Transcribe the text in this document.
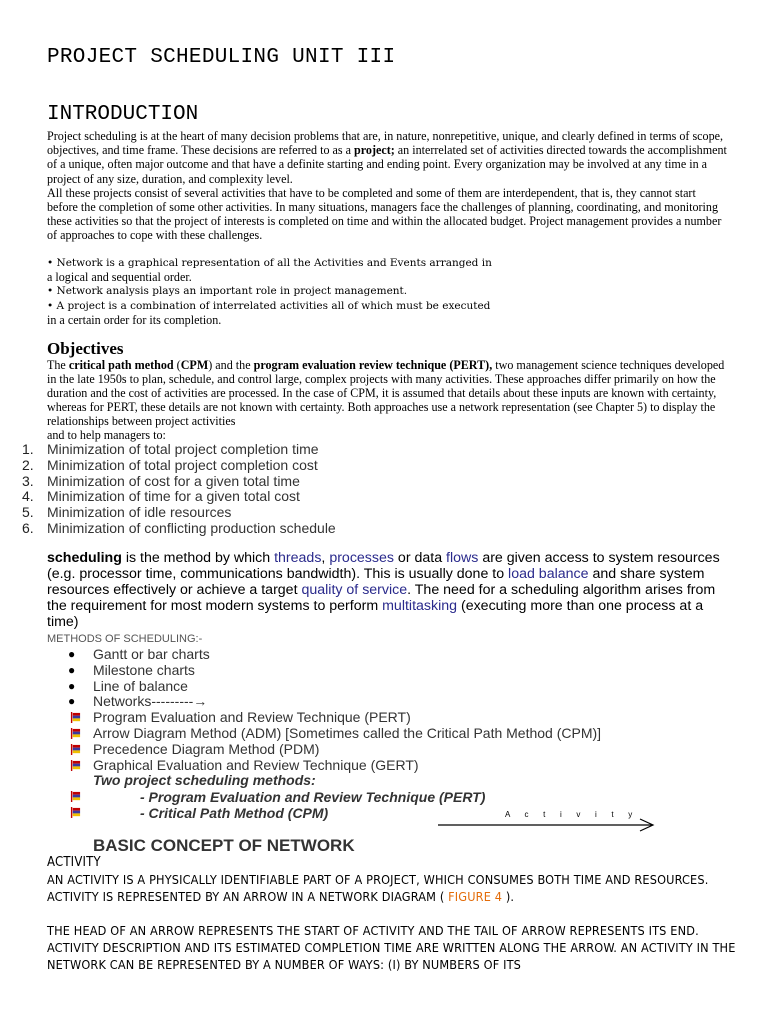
PROJECT SCHEDULING UNIT III
INTRODUCTION

Project scheduling is at the heart of many decision problems that are, in nature, nonrepetitive, unique, and clearly defined in terms of scope, objectives, and time frame. These decisions are referred to as a project; an interrelated set of activities directed towards the accomplishment of a unique, often major outcome and that have a definite starting and ending point. Every organization may be involved at any time in a project of any size, duration, and complexity level.

All these projects consist of several activities that have to be completed and some of them are interdependent, that is, they cannot start before the completion of some other activities. In many situations, managers face the challenges of planning, coordinating, and monitoring these activities so that the project of interests is completed on time and within the allocated budget. Project management provides a number of approaches to cope with these challenges.

• Network is a graphical representation of all the Activities and Events arranged in

a logical and sequential order.

• Network analysis plays an important role in project management.

• A project is a combination of interrelated activities all of which must be executed

in a certain order for its completion.

Objectives

The critical path method (CPM) and the program evaluation review technique (PERT), two management science techniques developed in the late 1950s to plan, schedule, and control large, complex projects with many activities. These approaches differ primarily on how the duration and the cost of activities are processed. In the case of CPM, it is assumed that details about these inputs are known with certainty, whereas for PERT, these details are not known with certainty. Both approaches use a network representation (see Chapter 5) to display the relationships between project activities

and to help managers to:

1. Minimization of total project completion time
2. Minimization of total project completion cost
3. Minimization of cost for a given total time
4. Minimization of time for a given total cost
5. Minimization of idle resources
6. Minimization of conflicting production schedule
scheduling is the method by which threads, processes or data flows are given access to system resources (e.g. processor time, communications bandwidth). This is usually done to load balance and share system resources effectively or achieve a target quality of service. The need for a scheduling algorithm arises from the requirement for most modern systems to perform multitasking (executing more than one process at a time)
METHODS OF SCHEDULING:-
● Gantt or bar charts
● Milestone charts
● Line of balance
● Networks---------→
Program Evaluation and Review Technique (PERT)
Arrow Diagram Method (ADM) [Sometimes called the Critical Path Method (CPM)]
Precedence Diagram Method (PDM)
Graphical Evaluation and Review Technique (GERT)
Two project scheduling methods:
- Program Evaluation and Review Technique (PERT)
- Critical Path Method (CPM)	A c t i v i t y
BASIC CONCEPT OF NETWORK
ACTIVITY

AN ACTIVITY IS A PHYSICALLY IDENTIFIABLE PART OF A PROJECT, WHICH CONSUMES BOTH TIME AND RESOURCES. ACTIVITY IS REPRESENTED BY AN ARROW IN A NETWORK DIAGRAM ( FIGURE 4 ).

THE HEAD OF AN ARROW REPRESENTS THE START OF ACTIVITY AND THE TAIL OF ARROW REPRESENTS ITS END. ACTIVITY DESCRIPTION AND ITS ESTIMATED COMPLETION TIME ARE WRITTEN ALONG THE ARROW. AN ACTIVITY IN THE NETWORK CAN BE REPRESENTED BY A NUMBER OF WAYS: (I) BY NUMBERS OF ITS
